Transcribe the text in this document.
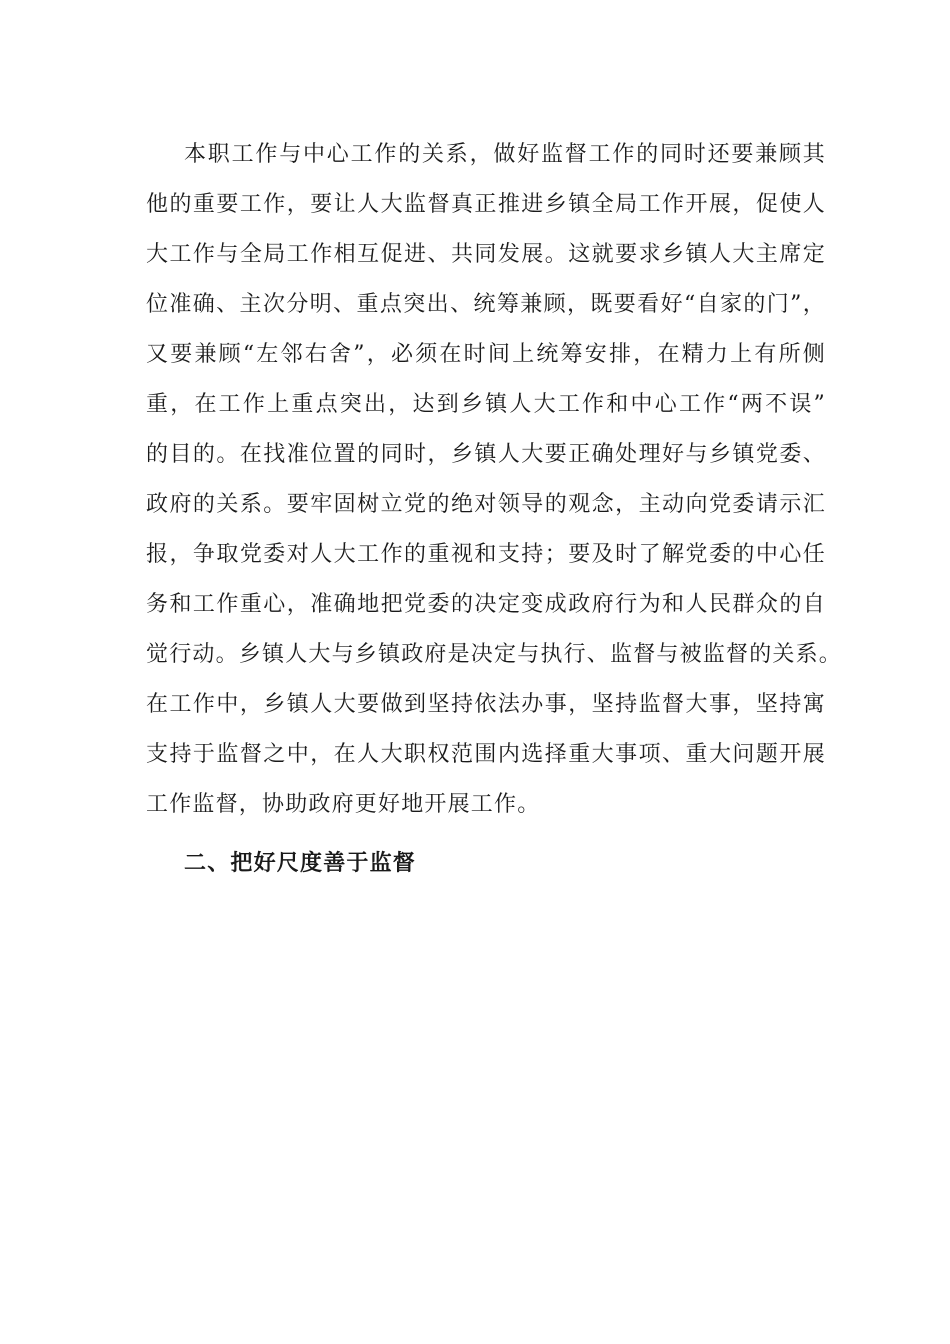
本职工作与中心工作的关系，做好监督工作的同时还要兼顾其
他的重要工作，要让人大监督真正推进乡镇全局工作开展，促使人
大工作与全局工作相互促进、共同发展。这就要求乡镇人大主席定
位准确、主次分明、重点突出、统筹兼顾，既要看好“自家的门”，
又要兼顾“左邻右舍”，必须在时间上统筹安排，在精力上有所侧
重，在工作上重点突出，达到乡镇人大工作和中心工作“两不误”
的目的。在找准位置的同时，乡镇人大要正确处理好与乡镇党委、
政府的关系。要牢固树立党的绝对领导的观念，主动向党委请示汇
报，争取党委对人大工作的重视和支持；要及时了解党委的中心任
务和工作重心，准确地把党委的决定变成政府行为和人民群众的自
觉行动。乡镇人大与乡镇政府是决定与执行、监督与被监督的关系。
在工作中，乡镇人大要做到坚持依法办事，坚持监督大事，坚持寓
支持于监督之中，在人大职权范围内选择重大事项、重大问题开展
工作监督，协助政府更好地开展工作。
二、把好尺度善于监督
